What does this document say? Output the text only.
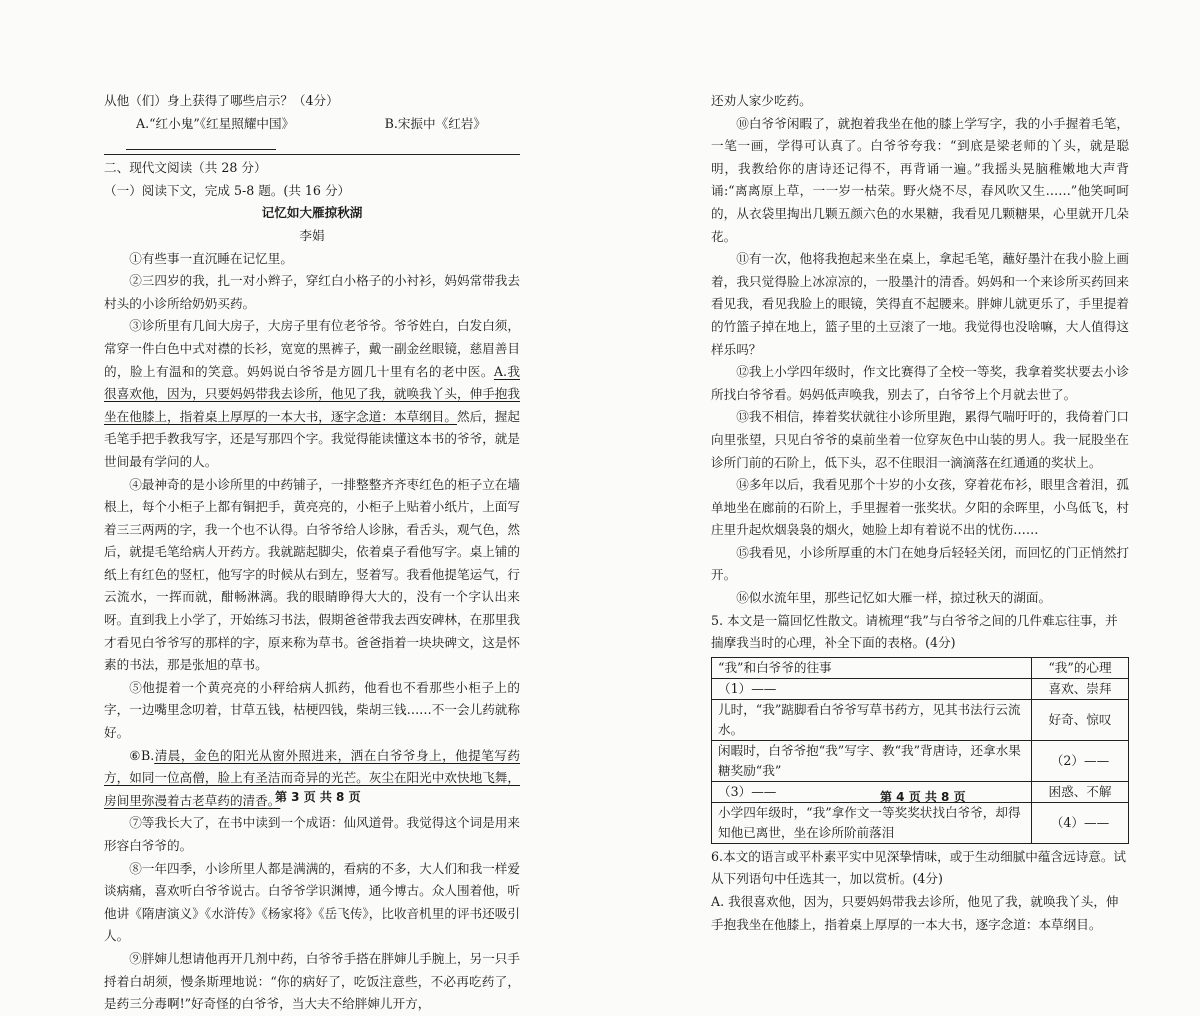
从他（们）身上获得了哪些启示？（4分）

A.“红小鬼”《红星照耀中国》	B.宋振中《红岩》

二、现代文阅读（共 28 分）

（一）阅读下文，完成 5-8 题。(共 16 分）

记忆如大雁掠秋湖

李娟

①有些事一直沉睡在记忆里。

②三四岁的我，扎一对小辫子，穿红白小格子的小衬衫，妈妈常带我去村头的小诊所给奶奶买药。

③诊所里有几间大房子，大房子里有位老爷爷。爷爷姓白，白发白须，常穿一件白色中式对襟的长衫，宽宽的黑裤子，戴一副金丝眼镜，慈眉善目的，脸上有温和的笑意。妈妈说白爷爷是方圆几十里有名的老中医。A.我很喜欢他，因为，只要妈妈带我去诊所，他见了我，就唤我丫头，伸手抱我坐在他膝上，指着桌上厚厚的一本大书，逐字念道：本草纲目。然后，握起毛笔手把手教我写字，还是写那四个字。我觉得能读懂这本书的爷爷，就是世间最有学问的人。

④最神奇的是小诊所里的中药铺子，一排整整齐齐枣红色的柜子立在墙根上，每个小柜子上都有铜把手，黄亮亮的，小柜子上贴着小纸片，上面写着三三两两的字，我一个也不认得。白爷爷给人诊脉，看舌头，观气色，然后，就提毛笔给病人开药方。我就踮起脚尖，依着桌子看他写字。桌上铺的纸上有红色的竖杠，他写字的时候从右到左，竖着写。我看他提笔运气，行云流水，一挥而就，酣畅淋漓。我的眼睛睁得大大的，没有一个字认出来呀。直到我上小学了，开始练习书法，假期爸爸带我去西安碑林，在那里我才看见白爷爷写的那样的字，原来称为草书。爸爸指着一块块碑文，这是怀素的书法，那是张旭的草书。

⑤他提着一个黄亮亮的小秤给病人抓药，他看也不看那些小柜子上的字，一边嘴里念叨着，甘草五钱，枯梗四钱，柴胡三钱……不一会儿药就称好。

⑥B.清晨，金色的阳光从窗外照进来，洒在白爷爷身上，他提笔写药方，如同一位高僧，脸上有圣洁而奇异的光芒。灰尘在阳光中欢快地飞舞，房间里弥漫着古老草药的清香。

⑦等我长大了，在书中读到一个成语：仙风道骨。我觉得这个词是用来形容白爷爷的。

⑧一年四季，小诊所里人都是满满的，看病的不多，大人们和我一样爱谈病痛，喜欢听白爷爷说古。白爷爷学识渊博，通今博古。众人围着他，听他讲《隋唐演义》《水浒传》《杨家将》《岳飞传》，比收音机里的评书还吸引人。

⑨胖婶儿想请他再开几剂中药，白爷爷手搭在胖婶儿手腕上，另一只手捋着白胡须，慢条斯理地说：“你的病好了，吃饭注意些，不必再吃药了，是药三分毒啊!”好奇怪的白爷爷，当大夫不给胖婶儿开方，

第 3 页 共 8 页

还劝人家少吃药。

⑩白爷爷闲暇了，就抱着我坐在他的膝上学写字，我的小手握着毛笔，一笔一画，学得可认真了。白爷爷夸我：“到底是梁老师的丫头，就是聪明，我教给你的唐诗还记得不，再背诵一遍。”我摇头晃脑稚嫩地大声背诵:“离离原上草，一一岁一枯荣。野火烧不尽，春风吹又生……”他笑呵呵的，从衣袋里掏出几颗五颜六色的水果糖，我看见几颗糖果，心里就开几朵花。

⑪有一次，他将我抱起来坐在桌上，拿起毛笔，蘸好墨汁在我小脸上画着，我只觉得脸上冰凉凉的，一股墨汁的清香。妈妈和一个来诊所买药回来看见我，看见我脸上的眼镜，笑得直不起腰来。胖婶儿就更乐了，手里提着的竹篮子掉在地上，篮子里的土豆滚了一地。我觉得也没啥嘛，大人值得这样乐吗？

⑫我上小学四年级时，作文比赛得了全校一等奖，我拿着奖状要去小诊所找白爷爷看。妈妈低声唤我，别去了，白爷爷上个月就去世了。

⑬我不相信，捧着奖状就往小诊所里跑，累得气喘吁吁的，我倚着门口向里张望，只见白爷爷的桌前坐着一位穿灰色中山装的男人。我一屁股坐在诊所门前的石阶上，低下头，忍不住眼泪一滴滴落在红通通的奖状上。

⑭多年以后，我看见那个十岁的小女孩，穿着花布衫，眼里含着泪，孤单地坐在廊前的石阶上，手里握着一张奖状。夕阳的余晖里，小鸟低飞，村庄里升起炊烟袅袅的烟火，她脸上却有着说不出的忧伤……

⑮我看见，小诊所厚重的木门在她身后轻轻关闭，而回忆的门正悄然打开。

⑯似水流年里，那些记忆如大雁一样，掠过秋天的湖面。

5. 本文是一篇回忆性散文。请梳理“我”与白爷爷之间的几件难忘往事，并揣摩我当时的心理，补全下面的表格。(4分)

“我”和白爷爷的往事	“我”的心理
（1）——	喜欢、崇拜
儿时，“我”踮脚看白爷爷写草书药方，见其书法行云流水。	好奇、惊叹
闲暇时，白爷爷抱“我”写字、教“我”背唐诗，还拿水果糖奖励“我”	（2）——
（3）——	困惑、不解
小学四年级时，“我”拿作文一等奖奖状找白爷爷，却得知他已离世，坐在诊所阶前落泪	（4）——

6.本文的语言或平朴素平实中见深挚情味，或于生动细腻中蕴含远诗意。试从下列语句中任选其一，加以赏析。(4分)

A. 我很喜欢他，因为，只要妈妈带我去诊所，他见了我，就唤我丫头，伸手抱我坐在他膝上，指着桌上厚厚的一本大书，逐字念道：本草纲目。

第 4 页 共 8 页
